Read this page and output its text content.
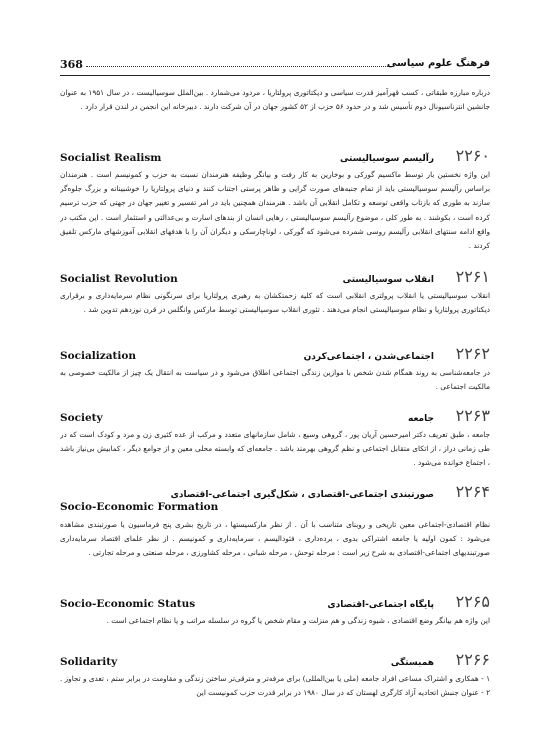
368	فرهنگ علوم سیاسی
درباره مبارزه طبقاتی ، کسب قهرآمیز قدرت سیاسی و دیکتاتوری پرولتاریا ، مردود می‌شمارد . بین‌الملل سوسیالیست ، در سال ۱۹۵۱ به عنوان جانشین انترناسیونال دوم تأسیس شد و در حدود ۵۶ حزب از ۵۲ کشور جهان در آن شرکت دارند . دبیرخانه این انجمن در لندن قرار دارد .
Socialist Realism	رآلیسم سوسیالیستی ۲۲۶۰
این واژه نخستین بار توسط ماکسیم گورکی و بوخارین به کار رفت و بیانگر وظیفه هنرمندان نسبت به حزب و کمونیسم است . هنرمندان براساس رآلیسم سوسیالیستی باید از تمام جنبه‌های صورت گرایی و ظاهر پرستی اجتناب کنند و دنیای پرولتاریا را خوشبینانه و بزرگ جلوه‌گر سازند به طوری که بازتاب واقعی توسعه و تکامل انقلابی آن باشد . هنرمندان همچنین باید در امر تفسیر و تغییر جهان در جهتی که حزب ترسیم کرده است ، بکوشند . به طور کلی ، موضوع رآلیسم سوسیالیستی ، رهایی انسان از بندهای اسارت و بی‌عدالتی و استثمار است . این مکتب در واقع ادامه سنتهای انقلابی رآلیسم روسی شمرده می‌شود که گورکی ، لوناچارسکی و دیگران آن را با هدفهای انقلابی آموزشهای مارکس تلفیق کردند .
Socialist Revolution	انقلاب سوسیالیستی ۲۲۶۱
انقلاب سوسیالیستی یا انقلاب پرولتری انقلابی است که کلیه زحمتکشان به رهبری پرولتاریا برای سرنگونی نظام سرمایه‌داری و برقراری دیکتاتوری پرولتاریا و نظام سوسیالیستی انجام می‌دهند . تئوری انقلاب سوسیالیستی توسط مارکس وانگلس در قرن نوزدهم تدوین شد .
Socialization	اجتماعی‌شدن ، اجتماعی‌کردن ۲۲۶۲
در جامعه‌شناسی به روند همگام شدن شخص با موازین زندگی اجتماعی اطلاق می‌شود و در سیاست به انتقال یک چیز از مالکیت خصوصی به مالکیت اجتماعی .
Society	جامعه ۲۲۶۳
جامعه ، طبق تعریف دکتر امیرحسین آریان پور ، گروهی وسیع ، شامل سازمانهای متعدد و مرکب از عده کثیری زن و مرد و کودک است که در طی زمانی دراز ، از اتکای متقابل اجتماعی و نظم گروهی بهرمند باشد . جامعه‌ای که وابسته محلی معین و از جوامع دیگر ، کمابیش بی‌نیاز باشد ، اجتماع خوانده می‌شود .
صورتبندی اجتماعی-اقتصادی ، شکل‌گیری اجتماعی-اقتصادی ۲۲۶۴
Socio-Economic Formation
نظام اقتصادی-اجتماعی معین تاریخی و روبنای متناسب با آن . از نظر مارکسیستها ، در تاریخ بشری پنج فرماسیون یا صورتبندی مشاهده می‌شود : کمون اولیه یا جامعه اشتراکی بدوی ، برده‌داری ، فئودالیسم ، سرمایه‌داری و کمونیسم . از نظر علمای اقتصاد سرمایه‌داری صورتبندیهای اجتماعی-اقتصادی به شرح زیر است : مرحله توحش ، مرحله شبانی ، مرحله کشاورزی ، مرحله صنعتی و مرحله تجارتی .
Socio-Economic Status	پایگاه اجتماعی-اقتصادی ۲۲۶۵
این واژه هم بیانگر وضع اقتصادی ، شیوه زندگی و هم منزلت و مقام شخص یا گروه در سلسله مراتب و یا نظام اجتماعی است .
Solidarity	همبستگی ۲۲۶۶
۱ - همکاری و اشتراک مساعی افراد جامعه (ملی یا بین‌المللی) برای مرفه‌تر و مترقی‌تر ساختن زندگی و مقاومت در برابر ستم ، تعدی و تجاوز . ۲ - عنوان جنبش اتحادیه آزاد کارگری لهستان که در سال ۱۹۸۰ در برابر قدرت حزب کمونیست این
